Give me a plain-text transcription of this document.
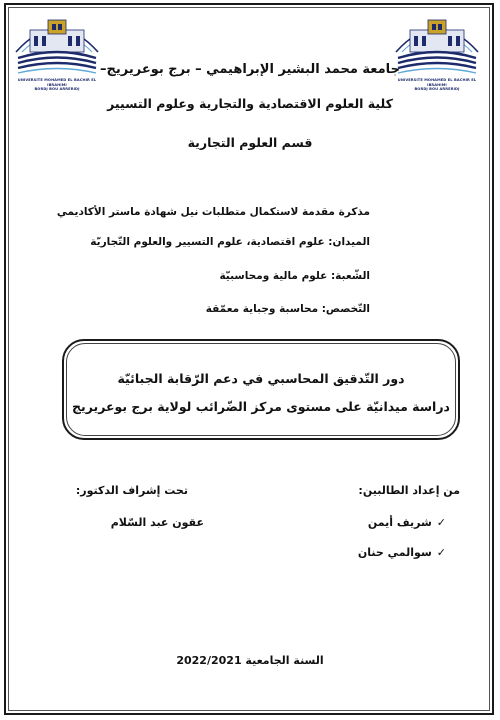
UNIVERSITE MOHAMED EL BACHIR EL IBRAHIMI
BORDJ BOU ARRERIDJ
UNIVERSITE MOHAMED EL BACHIR EL IBRAHIMI
BORDJ BOU ARRERIDJ
جامعة محمد البشير الإبراهيمي – برج بوعريريج–
كلية العلوم الاقتصادية والتجارية وعلوم التسيير
قسم العلوم التجارية
مذكرة مقدمة لاستكمال متطلبات نيل شهادة ماستر الأكاديمي
الميدان: علوم اقتصادية، علوم التسيير والعلوم التّجاريّة
الشّعبة: علوم مالية ومحاسبيّة
التّخصص: محاسبة وجباية معمّقة
دور التّدقيق المحاسبي في دعم الرّقابة الجبائيّة
دراسة ميدانيّة على مستوى مركز الضّرائب لولاية برج بوعريريج
من إعداد الطالبين:
✓شريف أيمن
✓سوالمي حنان
تحت إشراف الدكتور:
عقون عبد السّلام
السنة الجامعية 2022/2021
